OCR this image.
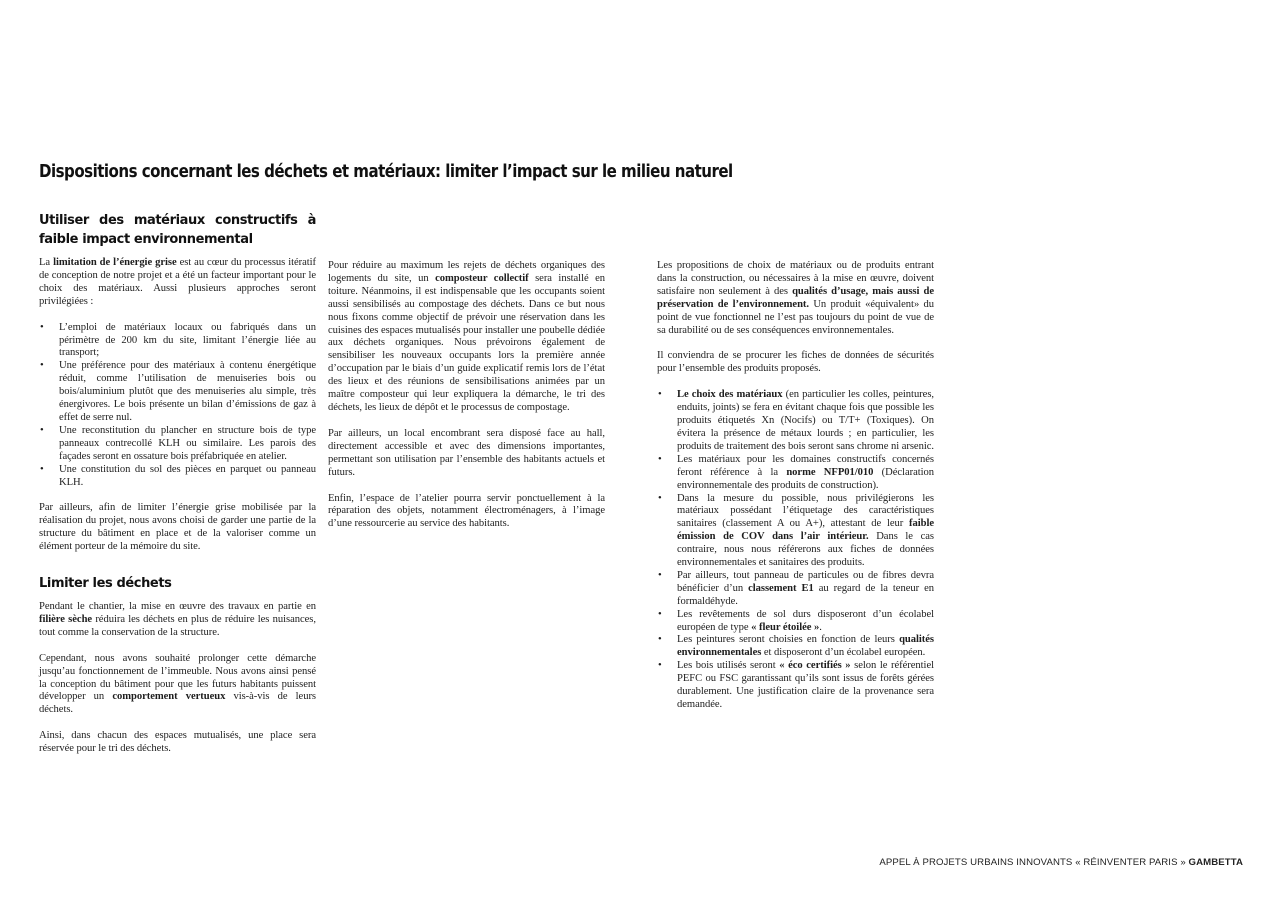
Dispositions concernant les déchets et matériaux: limiter l’impact sur le milieu naturel
Utiliser des matériaux constructifs à faible impact environnemental

La limitation de l’énergie grise est au cœur du processus itératif de conception de notre projet et a été un facteur important pour le choix des matériaux. Aussi plusieurs approches seront privilégiées :

• L’emploi de matériaux locaux ou fabriqués dans un périmètre de 200 km du site, limitant l’énergie liée au transport;
• Une préférence pour des matériaux à contenu énergétique réduit, comme l’utilisation de menuiseries bois ou bois/aluminium plutôt que des menuiseries alu simple, très énergivores. Le bois présente un bilan d’émissions de gaz à effet de serre nul.
• Une reconstitution du plancher en structure bois de type panneaux contrecollé KLH ou similaire. Les parois des façades seront en ossature bois préfabriquée en atelier.
• Une constitution du sol des pièces en parquet ou panneau KLH.

Par ailleurs, afin de limiter l’énergie grise mobilisée par la réalisation du projet, nous avons choisi de garder une partie de la structure du bâtiment en place et de la valoriser comme un élément porteur de la mémoire du site.

Limiter les déchets

Pendant le chantier, la mise en œuvre des travaux en partie en filière sèche réduira les déchets en plus de réduire les nuisances, tout comme la conservation de la structure.

Cependant, nous avons souhaité prolonger cette démarche jusqu’au fonctionnement de l’immeuble. Nous avons ainsi pensé la conception du bâtiment pour que les futurs habitants puissent développer un comportement vertueux vis-à-vis de leurs déchets.

Ainsi, dans chacun des espaces mutualisés, une place sera réservée pour le tri des déchets.

Pour réduire au maximum les rejets de déchets organiques des logements du site, un composteur collectif sera installé en toiture. Néanmoins, il est indispensable que les occupants soient aussi sensibilisés au compostage des déchets. Dans ce but nous nous fixons comme objectif de prévoir une réservation dans les cuisines des espaces mutualisés pour installer une poubelle dédiée aux déchets organiques. Nous prévoirons également de sensibiliser les nouveaux occupants lors la première année d’occupation par le biais d’un guide explicatif remis lors de l’état des lieux et des réunions de sensibilisations animées par un maître composteur qui leur expliquera la démarche, le tri des déchets, les lieux de dépôt et le processus de compostage.

Par ailleurs, un local encombrant sera disposé face au hall, directement accessible et avec des dimensions importantes, permettant son utilisation par l’ensemble des habitants actuels et futurs.

Enfin, l’espace de l’atelier pourra servir ponctuellement à la réparation des objets, notamment électroménagers, à l’image d’une ressourcerie au service des habitants.

Les propositions de choix de matériaux ou de produits entrant dans la construction, ou nécessaires à la mise en œuvre, doivent satisfaire non seulement à des qualités d’usage, mais aussi de préservation de l’environnement. Un produit «équivalent» du point de vue fonctionnel ne l’est pas toujours du point de vue de sa durabilité ou de ses conséquences environnementales.

Il conviendra de se procurer les fiches de données de sécurités pour l’ensemble des produits proposés.

• Le choix des matériaux (en particulier les colles, peintures, enduits, joints) se fera en évitant chaque fois que possible les produits étiquetés Xn (Nocifs) ou T/T+ (Toxiques). On évitera la présence de métaux lourds ; en particulier, les produits de traitement des bois seront sans chrome ni arsenic.
• Les matériaux pour les domaines constructifs concernés feront référence à la norme NFP01/010 (Déclaration environnementale des produits de construction).
• Dans la mesure du possible, nous privilégierons les matériaux possédant l’étiquetage des caractéristiques sanitaires (classement A ou A+), attestant de leur faible émission de COV dans l’air intérieur. Dans le cas contraire, nous nous référerons aux fiches de données environnementales et sanitaires des produits.
• Par ailleurs, tout panneau de particules ou de fibres devra bénéficier d’un classement E1 au regard de la teneur en formaldéhyde.
• Les revêtements de sol durs disposeront d’un écolabel européen de type « fleur étoilée ».
• Les peintures seront choisies en fonction de leurs qualités environnementales et disposeront d’un écolabel européen.
• Les bois utilisés seront « éco certifiés » selon le référentiel PEFC ou FSC garantissant qu’ils sont issus de forêts gérées durablement. Une justification claire de la provenance sera demandée.
APPEL À PROJETS URBAINS INNOVANTS « RÉINVENTER PARIS » GAMBETTA
